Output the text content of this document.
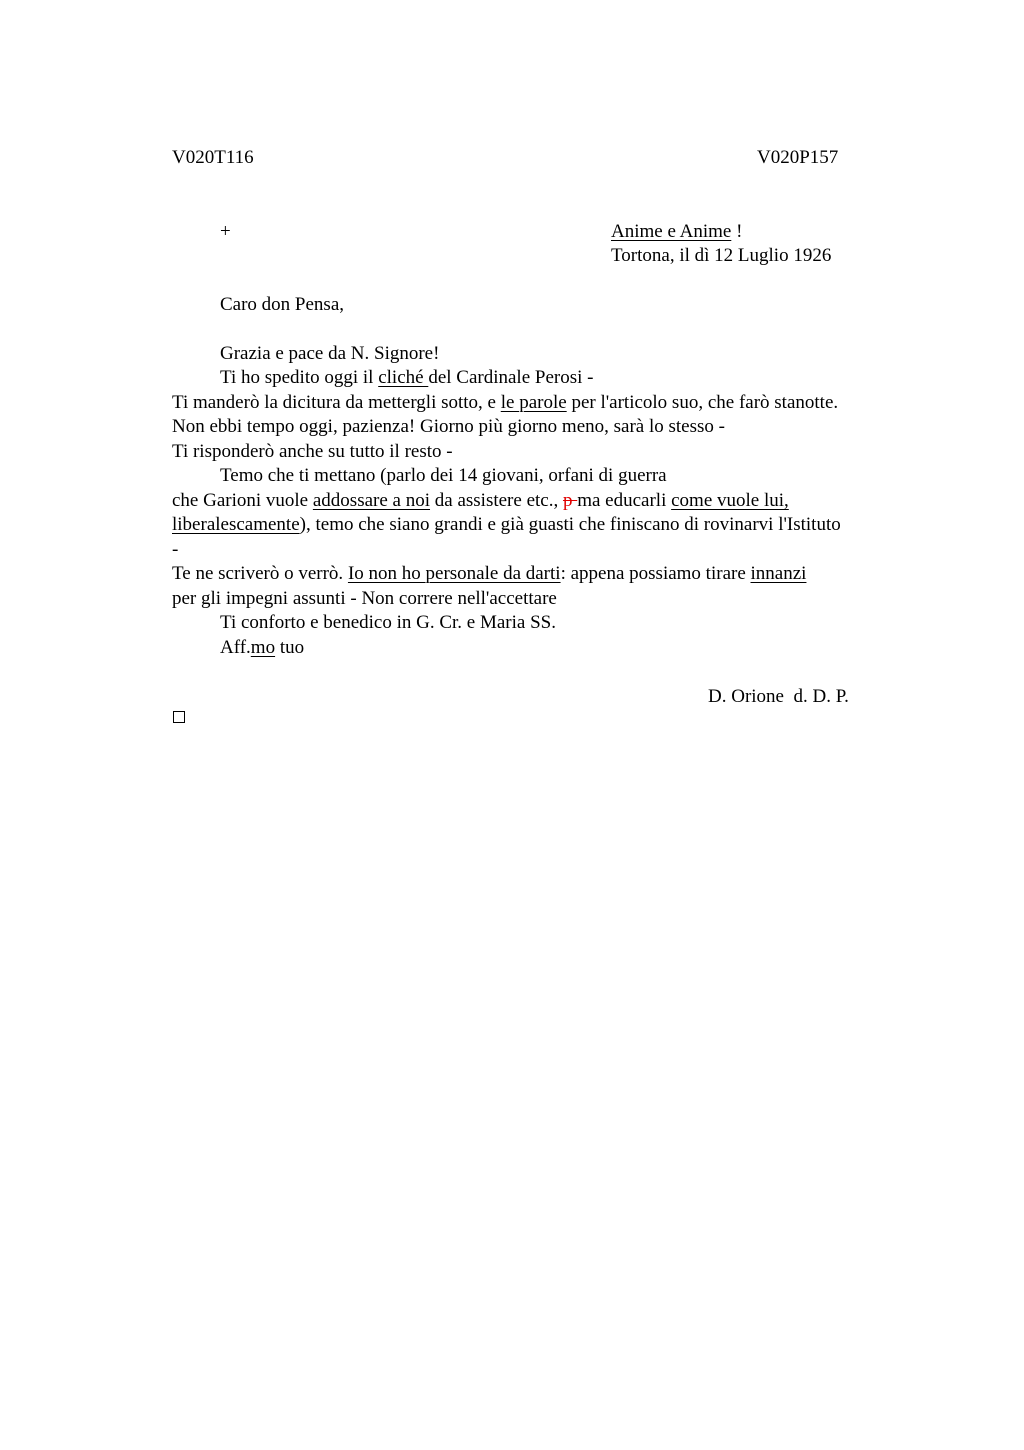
V020T116	V020P157
+	Anime e Anime !
Tortona, il dì 12 Luglio 1926
Caro don Pensa,
Grazia e pace da N. Signore!
Ti ho spedito oggi il cliché del Cardinale Perosi -
Ti manderò la dicitura da mettergli sotto, e le parole per l'articolo suo, che farò stanotte.
Non ebbi tempo oggi, pazienza! Giorno più giorno meno, sarà lo stesso -
Ti risponderò anche su tutto il resto -
Temo che ti mettano (parlo dei 14 giovani, orfani di guerra
che Garioni vuole addossare a noi da assistere etc., p ma educarli come vuole lui,
liberalescamente), temo che siano grandi e già guasti che finiscano di rovinarvi l'Istituto
-
Te ne scriverò o verrò. Io non ho personale da darti: appena possiamo tirare innanzi
per gli impegni assunti - Non correre nell'accettare
Ti conforto e benedico in G. Cr. e Maria SS.
Aff.mo tuo
D. Orione  d. D. P.
